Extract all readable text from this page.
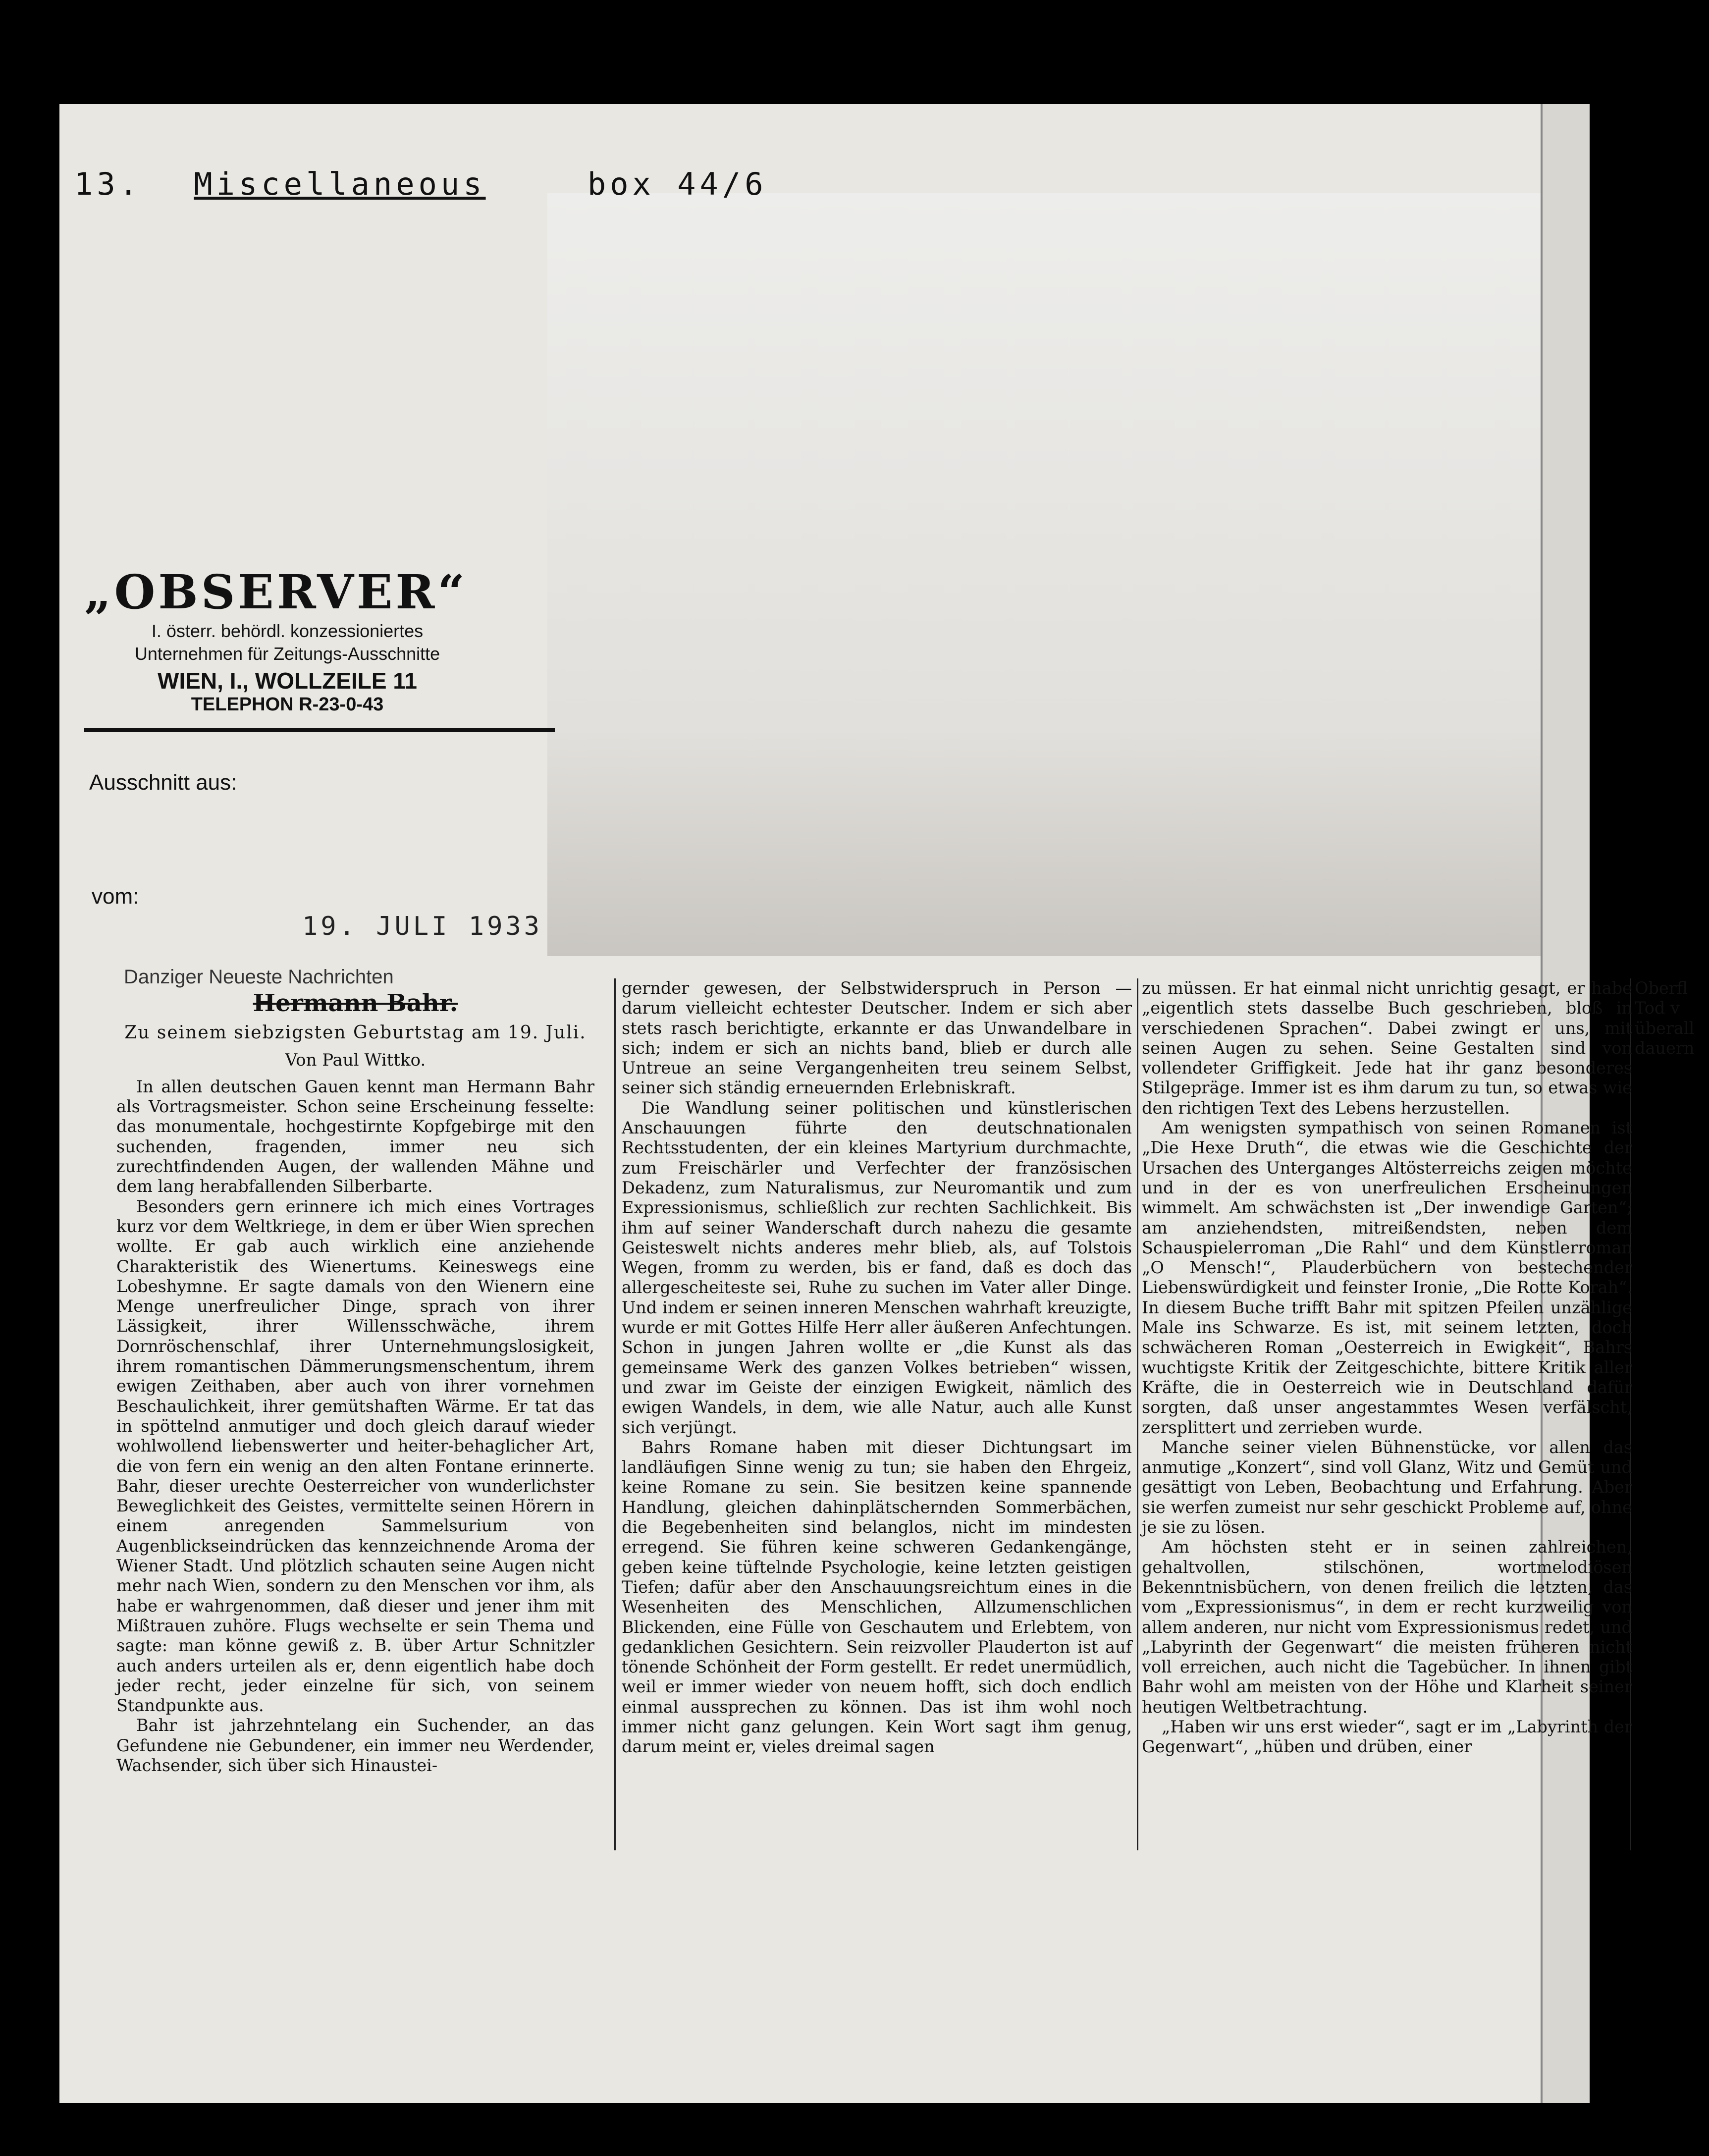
13. Miscellaneous	box 44/6
„OBSERVER“
I. österr. behördl. konzessioniertes
Unternehmen für Zeitungs-Ausschnitte
WIEN, I., WOLLZEILE 11
TELEPHON R-23-0-43
Ausschnitt aus:
vom:
19. JULI 1933
Danziger Neueste Nachrichten
Hermann Bahr.
Zu seinem siebzigsten Geburtstag am 19. Juli.
Von Paul Wittko.

In allen deutschen Gauen kennt man Hermann Bahr als Vortragsmeister. Schon seine Erscheinung fesselte: das monumentale, hochgestirnte Kopfgebirge mit den suchenden, fragenden, immer neu sich zurechtfindenden Augen, der wallenden Mähne und dem lang herabfallenden Silberbarte.

Besonders gern erinnere ich mich eines Vortrages kurz vor dem Weltkriege, in dem er über Wien sprechen wollte. Er gab auch wirklich eine anziehende Charakteristik des Wienertums. Keineswegs eine Lobeshymne. Er sagte damals von den Wienern eine Menge unerfreulicher Dinge, sprach von ihrer Lässigkeit, ihrer Willensschwäche, ihrem Dornröschenschlaf, ihrer Unternehmungslosigkeit, ihrem romantischen Dämmerungsmenschentum, ihrem ewigen Zeithaben, aber auch von ihrer vornehmen Beschaulichkeit, ihrer gemütshaften Wärme. Er tat das in spöttelnd anmutiger und doch gleich darauf wieder wohlwollend liebenswerter und heiter-behaglicher Art, die von fern ein wenig an den alten Fontane erinnerte. Bahr, dieser urechte Oesterreicher von wunderlichster Beweglichkeit des Geistes, vermittelte seinen Hörern in einem anregenden Sammelsurium von Augenblickseindrücken das kennzeichnende Aroma der Wiener Stadt. Und plötzlich schauten seine Augen nicht mehr nach Wien, sondern zu den Menschen vor ihm, als habe er wahrgenommen, daß dieser und jener ihm mit Mißtrauen zuhöre. Flugs wechselte er sein Thema und sagte: man könne gewiß z. B. über Artur Schnitzler auch anders urteilen als er, denn eigentlich habe doch jeder recht, jeder einzelne für sich, von seinem Standpunkte aus.

Bahr ist jahrzehntelang ein Suchender, an das Gefundene nie Gebundener, ein immer neu Werdender, Wachsender, sich über sich Hinaustei-

gernder gewesen, der Selbstwiderspruch in Person — darum vielleicht echtester Deutscher. Indem er sich aber stets rasch berichtigte, erkannte er das Unwandelbare in sich; indem er sich an nichts band, blieb er durch alle Untreue an seine Vergangenheiten treu seinem Selbst, seiner sich ständig erneuernden Erlebniskraft.

Die Wandlung seiner politischen und künstlerischen Anschauungen führte den deutschnationalen Rechtsstudenten, der ein kleines Martyrium durchmachte, zum Freischärler und Verfechter der französischen Dekadenz, zum Naturalismus, zur Neuromantik und zum Expressionismus, schließlich zur rechten Sachlichkeit. Bis ihm auf seiner Wanderschaft durch nahezu die gesamte Geisteswelt nichts anderes mehr blieb, als, auf Tolstois Wegen, fromm zu werden, bis er fand, daß es doch das allergescheiteste sei, Ruhe zu suchen im Vater aller Dinge. Und indem er seinen inneren Menschen wahrhaft kreuzigte, wurde er mit Gottes Hilfe Herr aller äußeren Anfechtungen. Schon in jungen Jahren wollte er „die Kunst als das gemeinsame Werk des ganzen Volkes betrieben“ wissen, und zwar im Geiste der einzigen Ewigkeit, nämlich des ewigen Wandels, in dem, wie alle Natur, auch alle Kunst sich verjüngt.

Bahrs Romane haben mit dieser Dichtungsart im landläufigen Sinne wenig zu tun; sie haben den Ehrgeiz, keine Romane zu sein. Sie besitzen keine spannende Handlung, gleichen dahinplätschernden Sommerbächen, die Begebenheiten sind belanglos, nicht im mindesten erregend. Sie führen keine schweren Gedankengänge, geben keine tüftelnde Psychologie, keine letzten geistigen Tiefen; dafür aber den Anschauungsreichtum eines in die Wesenheiten des Menschlichen, Allzumenschlichen Blickenden, eine Fülle von Geschautem und Erlebtem, von gedanklichen Gesichtern. Sein reizvoller Plauderton ist auf tönende Schönheit der Form gestellt. Er redet unermüdlich, weil er immer wieder von neuem hofft, sich doch endlich einmal aussprechen zu können. Das ist ihm wohl noch immer nicht ganz gelungen. Kein Wort sagt ihm genug, darum meint er, vieles dreimal sagen

zu müssen. Er hat einmal nicht unrichtig gesagt, er habe „eigentlich stets dasselbe Buch geschrieben, bloß in verschiedenen Sprachen“. Dabei zwingt er uns, mit seinen Augen zu sehen. Seine Gestalten sind von vollendeter Griffigkeit. Jede hat ihr ganz besonderes Stilgepräge. Immer ist es ihm darum zu tun, so etwas wie den richtigen Text des Lebens herzustellen.

Am wenigsten sympathisch von seinen Romanen ist „Die Hexe Druth“, die etwas wie die Geschichte der Ursachen des Unterganges Altösterreichs zeigen möchte und in der es von unerfreulichen Erscheinungen wimmelt. Am schwächsten ist „Der inwendige Garten“; am anziehendsten, mitreißendsten, neben dem Schauspielerroman „Die Rahl“ und dem Künstlerroman „O Mensch!“, Plauderbüchern von bestechender Liebenswürdigkeit und feinster Ironie, „Die Rotte Korah“. In diesem Buche trifft Bahr mit spitzen Pfeilen unzählige Male ins Schwarze. Es ist, mit seinem letzten, doch schwächeren Roman „Oesterreich in Ewigkeit“, Bahrs wuchtigste Kritik der Zeitgeschichte, bittere Kritik aller Kräfte, die in Oesterreich wie in Deutschland dafür sorgten, daß unser angestammtes Wesen verfälscht, zersplittert und zerrieben wurde.

Manche seiner vielen Bühnenstücke, vor allen das anmutige „Konzert“, sind voll Glanz, Witz und Gemüt und gesättigt von Leben, Beobachtung und Erfahrung. Aber sie werfen zumeist nur sehr geschickt Probleme auf, ohne je sie zu lösen.

Am höchsten steht er in seinen zahlreichen, gehaltvollen, stilschönen, wortmelodiösen Bekenntnisbüchern, von denen freilich die letzten, das vom „Expressionismus“, in dem er recht kurzweilig von allem anderen, nur nicht vom Expressionismus redet, und „Labyrinth der Gegenwart“ die meisten früheren nicht voll erreichen, auch nicht die Tagebücher. In ihnen gibt Bahr wohl am meisten von der Höhe und Klarheit seiner heutigen Weltbetrachtung.

„Haben wir uns erst wieder“, sagt er im „Labyrinth der Gegenwart“, „hüben und drüben, einer

Oberfl
Tod v
überall
dauern
